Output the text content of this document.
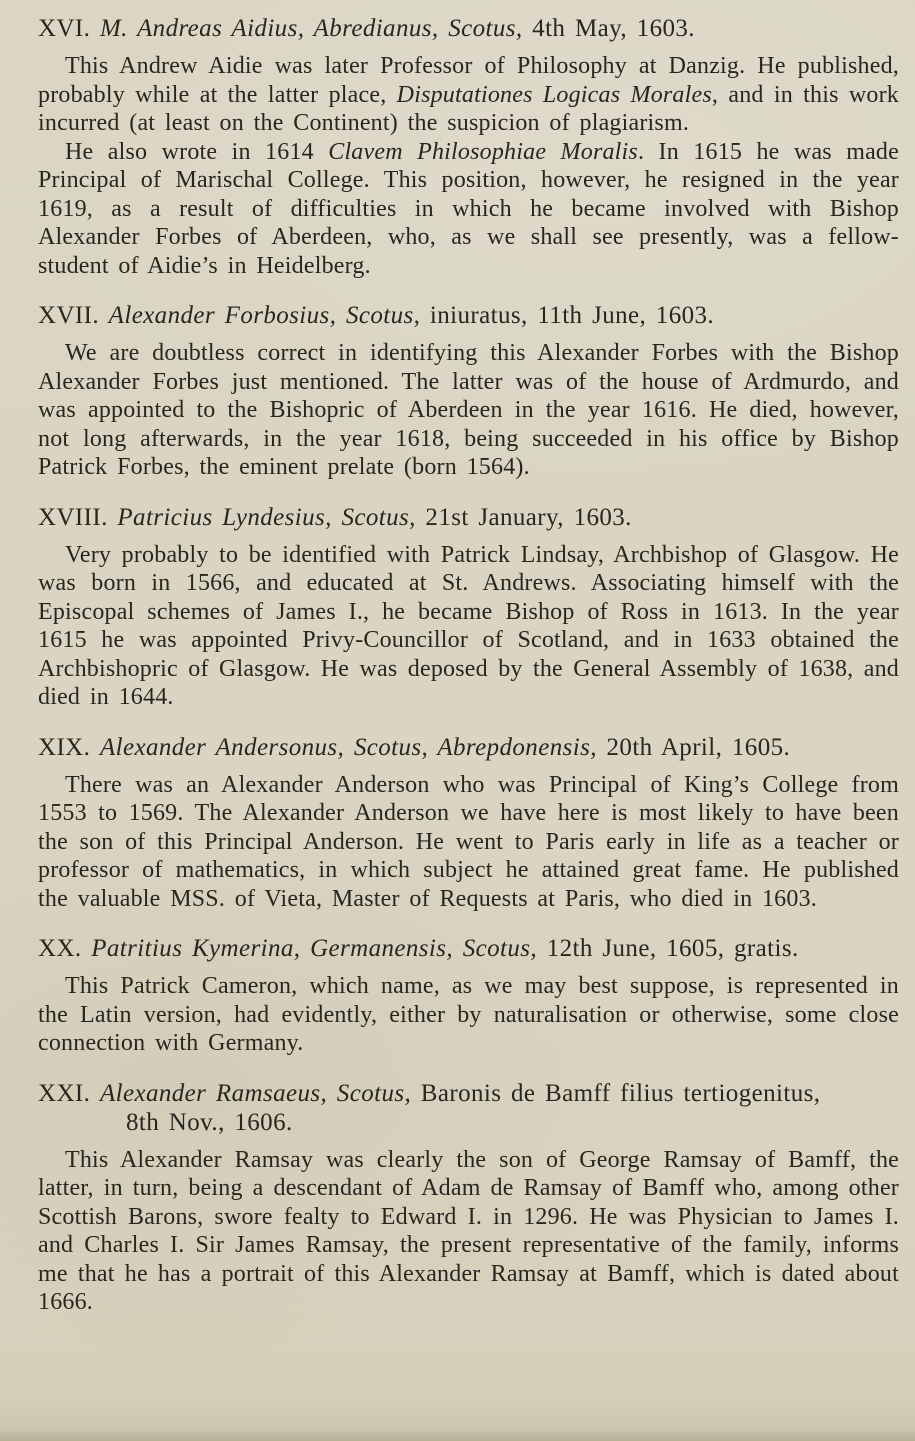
XVI. M. Andreas Aidius, Abredianus, Scotus, 4th May, 1603.

This Andrew Aidie was later Professor of Philosophy at Danzig. He published, probably while at the latter place, Disputationes Logicas Morales, and in this work incurred (at least on the Continent) the suspicion of plagiarism.

He also wrote in 1614 Clavem Philosophiae Moralis. In 1615 he was made Principal of Marischal College. This position, however, he resigned in the year 1619, as a result of difficulties in which he became involved with Bishop Alexander Forbes of Aberdeen, who, as we shall see presently, was a fellow-student of Aidie’s in Heidelberg.

XVII. Alexander Forbosius, Scotus, iniuratus, 11th June, 1603.

We are doubtless correct in identifying this Alexander Forbes with the Bishop Alexander Forbes just mentioned. The latter was of the house of Ardmurdo, and was appointed to the Bishopric of Aberdeen in the year 1616. He died, however, not long afterwards, in the year 1618, being succeeded in his office by Bishop Patrick Forbes, the eminent prelate (born 1564).

XVIII. Patricius Lyndesius, Scotus, 21st January, 1603.

Very probably to be identified with Patrick Lindsay, Archbishop of Glasgow. He was born in 1566, and educated at St. Andrews. Associating himself with the Episcopal schemes of James I., he became Bishop of Ross in 1613. In the year 1615 he was appointed Privy-Councillor of Scotland, and in 1633 obtained the Archbishopric of Glasgow. He was deposed by the General Assembly of 1638, and died in 1644.

XIX. Alexander Andersonus, Scotus, Abrepdonensis, 20th April, 1605.

There was an Alexander Anderson who was Principal of King’s College from 1553 to 1569. The Alexander Anderson we have here is most likely to have been the son of this Principal Anderson. He went to Paris early in life as a teacher or professor of mathematics, in which subject he attained great fame. He published the valuable MSS. of Vieta, Master of Requests at Paris, who died in 1603.

XX. Patritius Kymerina, Germanensis, Scotus, 12th June, 1605, gratis.

This Patrick Cameron, which name, as we may best suppose, is represented in the Latin version, had evidently, either by naturalisation or otherwise, some close connection with Germany.

XXI. Alexander Ramsaeus, Scotus, Baronis de Bamff filius tertiogenitus,
8th Nov., 1606.

This Alexander Ramsay was clearly the son of George Ramsay of Bamff, the latter, in turn, being a descendant of Adam de Ramsay of Bamff who, among other Scottish Barons, swore fealty to Edward I. in 1296. He was Physician to James I. and Charles I. Sir James Ramsay, the present representative of the family, informs me that he has a portrait of this Alexander Ramsay at Bamff, which is dated about 1666.
